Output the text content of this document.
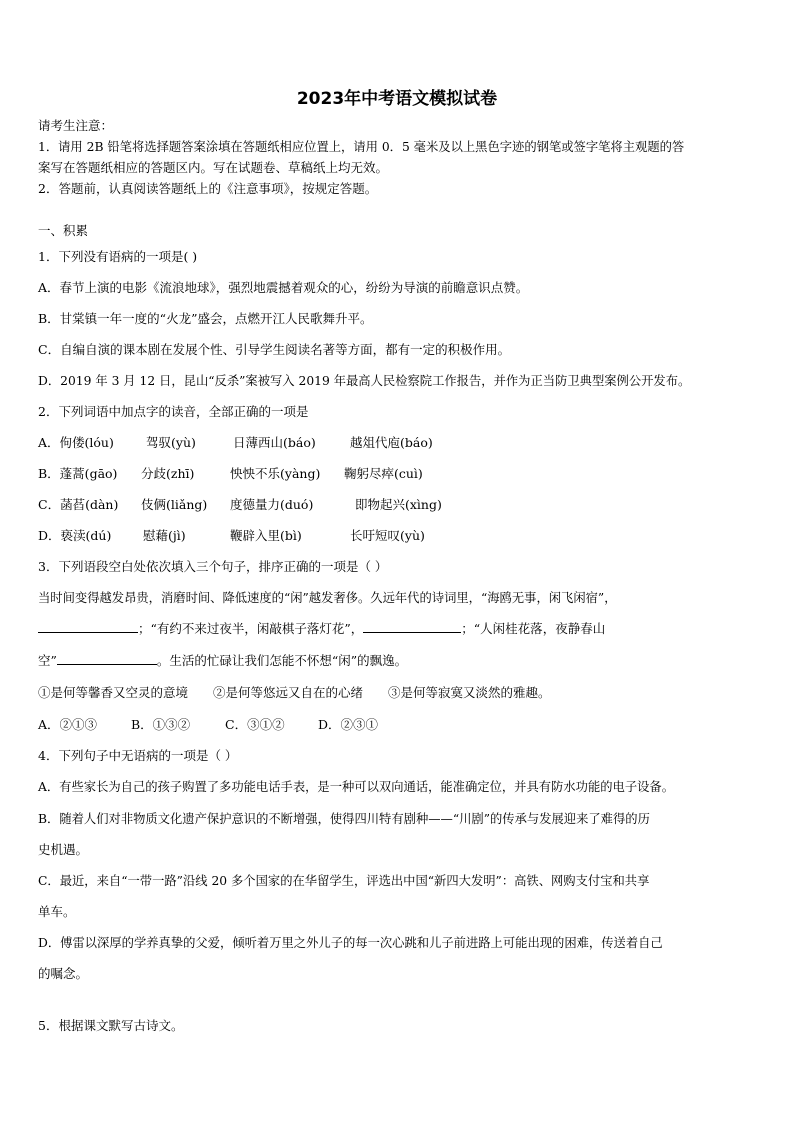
2023年中考语文模拟试卷
请考生注意：
1．请用 2B 铅笔将选择题答案涂填在答题纸相应位置上，请用 0．5 毫米及以上黑色字迹的钢笔或签字笔将主观题的答
案写在答题纸相应的答题区内。写在试题卷、草稿纸上均无效。
2．答题前，认真阅读答题纸上的《注意事项》，按规定答题。
一、积累
1．下列没有语病的一项是( )
A．春节上演的电影《流浪地球》，强烈地震撼着观众的心，纷纷为导演的前瞻意识点赞。
B．甘棠镇一年一度的“火龙”盛会，点燃开江人民歌舞升平。
C．自编自演的课本剧在发展个性、引导学生阅读名著等方面，都有一定的积极作用。
D．2019 年 3 月 12 日，昆山“反杀”案被写入 2019 年最高人民检察院工作报告，并作为正当防卫典型案例公开发布。
2．下列词语中加点字的读音，全部正确的一项是
A．佝偻(lóu)	驾驭(yù)	日薄西山(báo)	越俎代庖(báo)
B．蓬蒿(gāo) 分歧(zhī)	怏怏不乐(yàng) 鞠躬尽瘁(cuì)
C．菡萏(dàn) 伎俩(liǎng) 度德量力(duó)	即物起兴(xìng)
D．亵渎(dú)	慰藉(jì)	鞭辟入里(bì)	长吁短叹(yù)
3．下列语段空白处依次填入三个句子，排序正确的一项是（ ）
当时间变得越发昂贵，消磨时间、降低速度的“闲”越发奢侈。久远年代的诗词里，“海鸥无事，闲飞闲宿”，
；“有约不来过夜半，闲敲棋子落灯花”，	；“人闲桂花落，夜静春山
空”	。生活的忙碌让我们怎能不怀想“闲”的飘逸。
①是何等馨香又空灵的意境　　②是何等悠远又自在的心绪　　③是何等寂寞又淡然的雅趣。
A．②①③	B．①③②	C．③①②	D．②③①
4．下列句子中无语病的一项是（ ）
A．有些家长为自己的孩子购置了多功能电话手表，是一种可以双向通话，能准确定位，并具有防水功能的电子设备。
B．随着人们对非物质文化遗产保护意识的不断增强，使得四川特有剧种——“川剧”的传承与发展迎来了难得的历
史机遇。
C．最近，来自“一带一路”沿线 20 多个国家的在华留学生，评选出中国“新四大发明”：高铁、网购支付宝和共享
单车。
D．傅雷以深厚的学养真挚的父爱，倾听着万里之外儿子的每一次心跳和儿子前进路上可能出现的困难，传送着自己
的嘱念。
5．根据课文默写古诗文。
